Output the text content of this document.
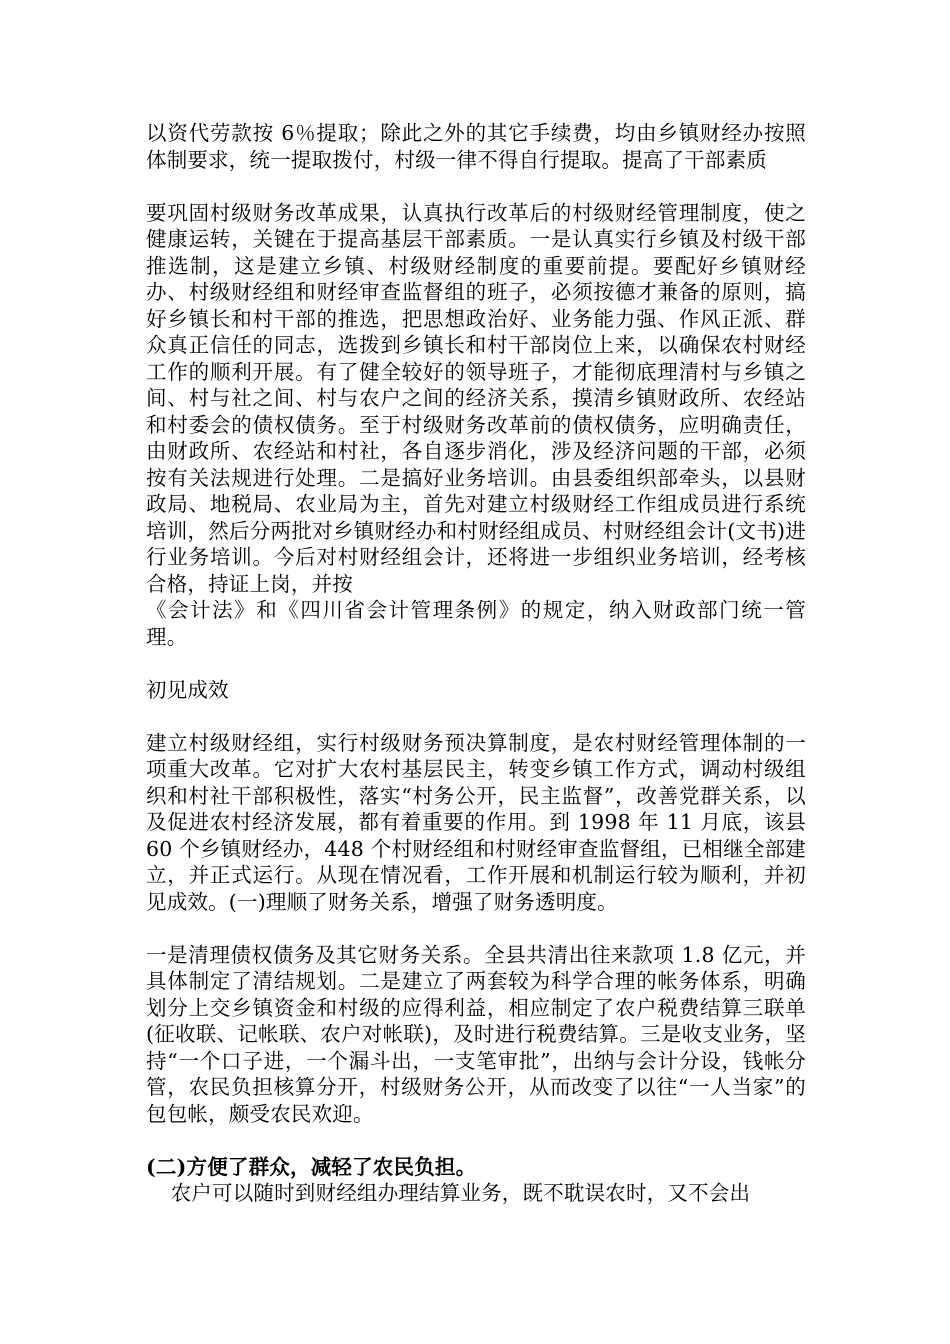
以资代劳款按 6％提取；除此之外的其它手续费，均由乡镇财经办按照体制要求，统一提取拨付，村级一律不得自行提取。提高了干部素质

要巩固村级财务改革成果，认真执行改革后的村级财经管理制度，使之健康运转，关键在于提高基层干部素质。一是认真实行乡镇及村级干部推选制，这是建立乡镇、村级财经制度的重要前提。要配好乡镇财经办、村级财经组和财经审查监督组的班子，必须按德才兼备的原则，搞好乡镇长和村干部的推选，把思想政治好、业务能力强、作风正派、群众真正信任的同志，选拨到乡镇长和村干部岗位上来，以确保农村财经工作的顺利开展。有了健全较好的领导班子，才能彻底理清村与乡镇之间、村与社之间、村与农户之间的经济关系，摸清乡镇财政所、农经站和村委会的债权债务。至于村级财务改革前的债权债务，应明确责任，由财政所、农经站和村社，各自逐步消化，涉及经济问题的干部，必须按有关法规进行处理。二是搞好业务培训。由县委组织部牵头，以县财政局、地税局、农业局为主，首先对建立村级财经工作组成员进行系统培训，然后分两批对乡镇财经办和村财经组成员、村财经组会计(文书)进行业务培训。今后对村财经组会计，还将进一步组织业务培训，经考核合格，持证上岗，并按

《会计法》和《四川省会计管理条例》的规定，纳入财政部门统一管理。

初见成效

建立村级财经组，实行村级财务预决算制度，是农村财经管理体制的一项重大改革。它对扩大农村基层民主，转变乡镇工作方式，调动村级组织和村社干部积极性，落实“村务公开，民主监督”，改善党群关系，以及促进农村经济发展，都有着重要的作用。到 1998 年 11 月底，该县 60 个乡镇财经办，448 个村财经组和村财经审查监督组，已相继全部建立，并正式运行。从现在情况看，工作开展和机制运行较为顺利，并初见成效。(一)理顺了财务关系，增强了财务透明度。

一是清理债权债务及其它财务关系。全县共清出往来款项 1.8 亿元，并具体制定了清结规划。二是建立了两套较为科学合理的帐务体系，明确划分上交乡镇资金和村级的应得利益，相应制定了农户税费结算三联单(征收联、记帐联、农户对帐联)，及时进行税费结算。三是收支业务，坚持“一个口子进，一个漏斗出，一支笔审批”，出纳与会计分设，钱帐分管，农民负担核算分开，村级财务公开，从而改变了以往“一人当家”的包包帐，颇受农民欢迎。

(二)方便了群众，减轻了农民负担。

农户可以随时到财经组办理结算业务，既不耽误农时，又不会出
